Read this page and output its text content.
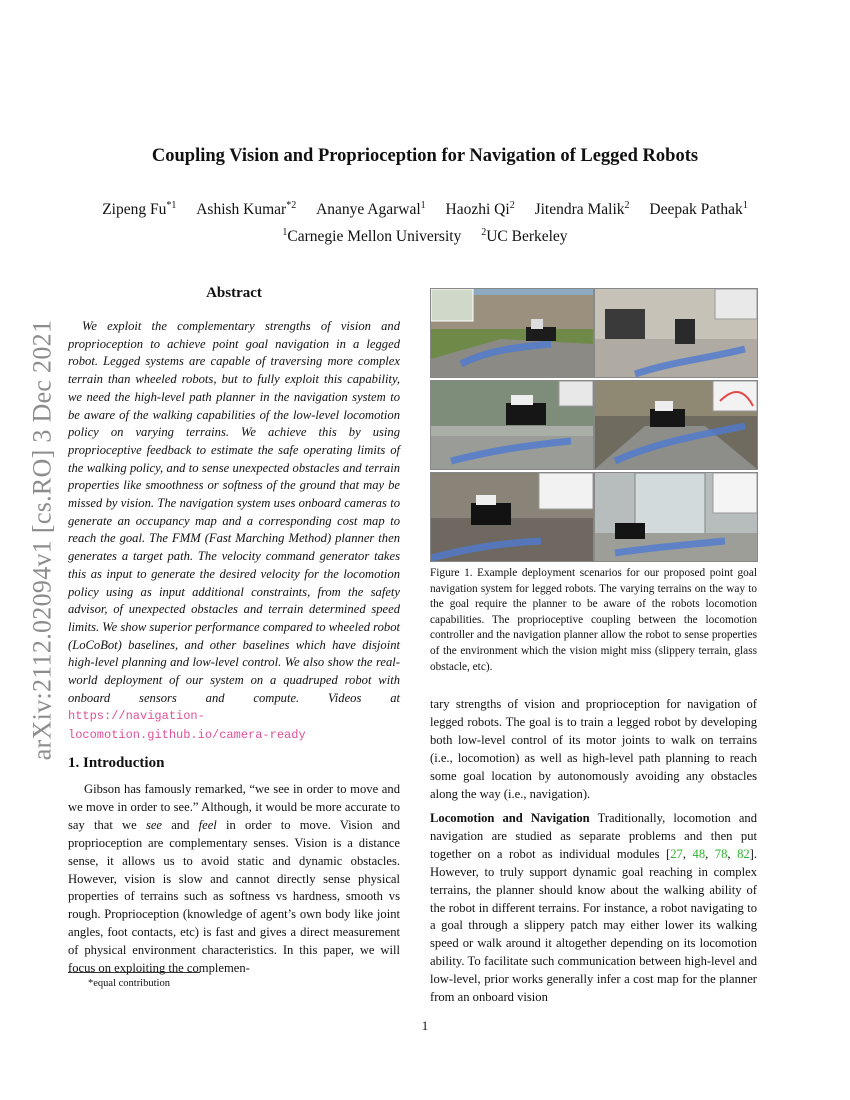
arXiv:2112.02094v1 [cs.RO] 3 Dec 2021
Coupling Vision and Proprioception for Navigation of Legged Robots
Zipeng Fu$^{*1}$ Ashish Kumar$^{*2}$ Ananye Agarwal$^1$ Haozhi Qi$^2$ Jitendra Malik$^2$ Deepak Pathak$^1$
$^1$Carnegie Mellon University $^2$UC Berkeley
Abstract
We exploit the complementary strengths of vision and proprioception to achieve point goal navigation in a legged robot. Legged systems are capable of traversing more complex terrain than wheeled robots, but to fully exploit this capability, we need the high-level path planner in the navigation system to be aware of the walking capabilities of the low-level locomotion policy on varying terrains. We achieve this by using proprioceptive feedback to estimate the safe operating limits of the walking policy, and to sense unexpected obstacles and terrain properties like smoothness or softness of the ground that may be missed by vision. The navigation system uses onboard cameras to generate an occupancy map and a corresponding cost map to reach the goal. The FMM (Fast Marching Method) planner then generates a target path. The velocity command generator takes this as input to generate the desired velocity for the locomotion policy using as input additional constraints, from the safety advisor, of unexpected obstacles and terrain determined speed limits. We show superior performance compared to wheeled robot (LoCoBot) baselines, and other baselines which have disjoint high-level planning and low-level control. We also show the real-world deployment of our system on a quadruped robot with onboard sensors and compute. Videos at https://navigation-locomotion.github.io/camera-ready
1. Introduction
Gibson has famously remarked, “we see in order to move and we move in order to see.” Although, it would be more accurate to say that we see and feel in order to move. Vision and proprioception are complementary senses. Vision is a distance sense, it allows us to avoid static and dynamic obstacles. However, vision is slow and cannot directly sense physical properties of terrains such as softness vs hardness, smooth vs rough. Proprioception (knowledge of agent’s own body like joint angles, foot contacts, etc) is fast and gives a direct measurement of physical environment characteristics. In this paper, we will focus on exploiting the complemen-
*equal contribution
Figure 1. Example deployment scenarios for our proposed point goal navigation system for legged robots. The varying terrains on the way to the goal require the planner to be aware of the robots locomotion capabilities. The proprioceptive coupling between the locomotion controller and the navigation planner allow the robot to sense properties of the environment which the vision might miss (slippery terrain, glass obstacle, etc).
tary strengths of vision and proprioception for navigation of legged robots. The goal is to train a legged robot by developing both low-level control of its motor joints to walk on terrains (i.e., locomotion) as well as high-level path planning to reach some goal location by autonomously avoiding any obstacles along the way (i.e., navigation).
Locomotion and Navigation Traditionally, locomotion and navigation are studied as separate problems and then put together on a robot as individual modules [27, 48, 78, 82]. However, to truly support dynamic goal reaching in complex terrains, the planner should know about the walking ability of the robot in different terrains. For instance, a robot navigating to a goal through a slippery patch may either lower its walking speed or walk around it altogether depending on its locomotion ability. To facilitate such communication between high-level and low-level, prior works generally infer a cost map for the planner from an onboard vision
1
